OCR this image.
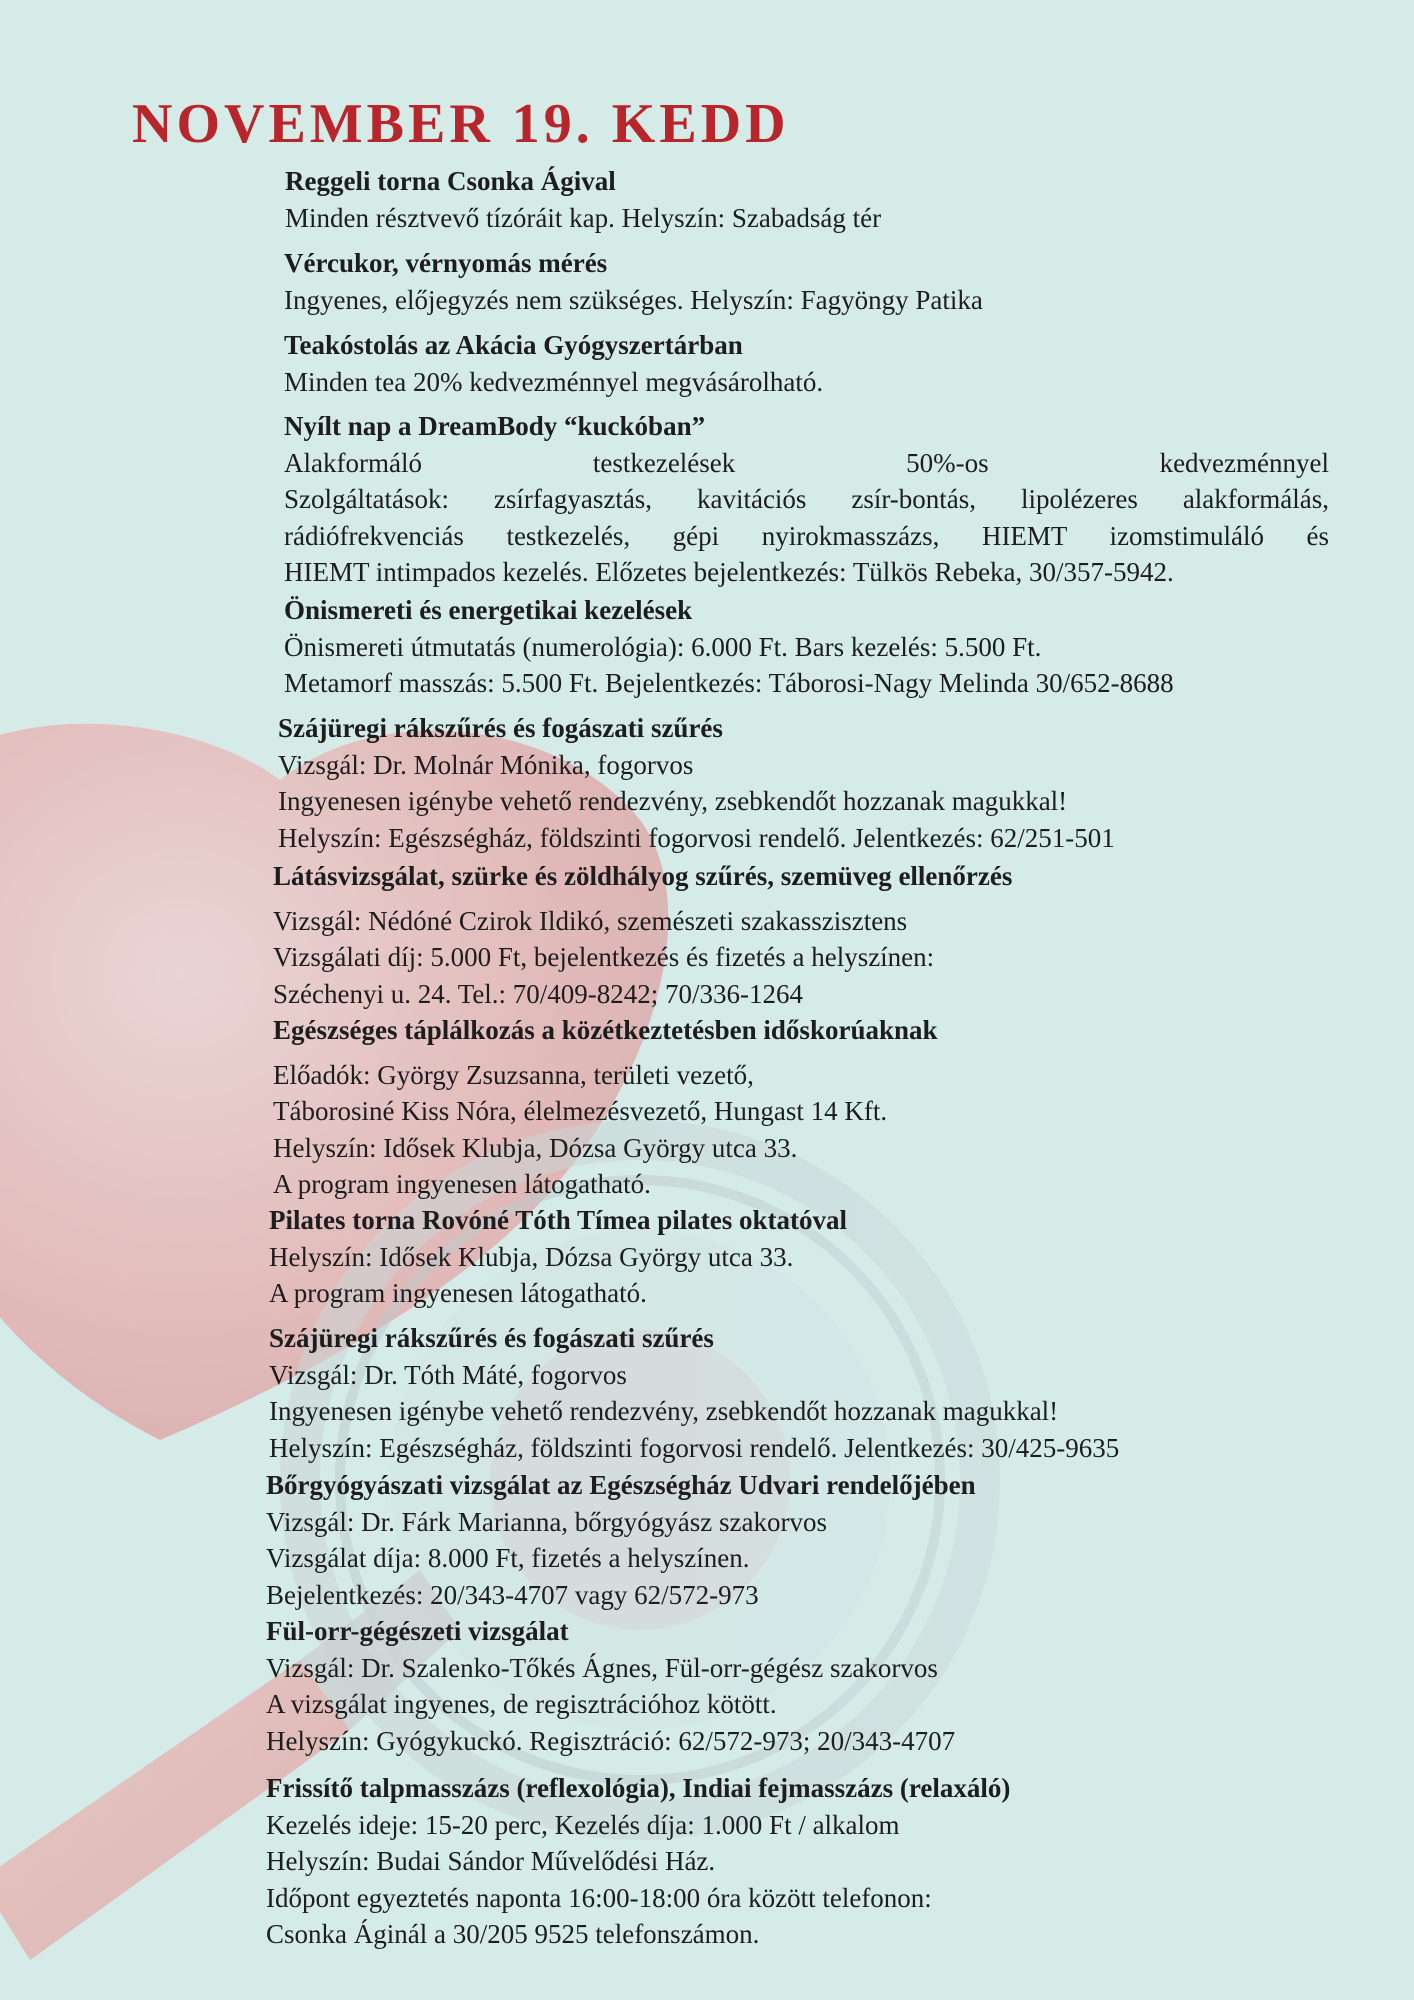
NOVEMBER 19. KEDD
Reggeli torna Csonka Ágival
Minden résztvevő tízóráit kap. Helyszín: Szabadság tér
Vércukor, vérnyomás mérés
Ingyenes, előjegyzés nem szükséges. Helyszín: Fagyöngy Patika
Teakóstolás az Akácia Gyógyszertárban
Minden tea 20% kedvezménnyel megvásárolható.
Nyílt nap a DreamBody “kuckóban”
Alakformáló testkezelések 50%-os kedvezménnyel
Szolgáltatások: zsírfagyasztás, kavitációs zsír-bontás, lipolézeres alakformálás,
rádiófrekvenciás testkezelés, gépi nyirokmasszázs, HIEMT izomstimuláló és
HIEMT intimpados kezelés. Előzetes bejelentkezés: Tülkös Rebeka, 30/357-5942.
Önismereti és energetikai kezelések
Önismereti útmutatás (numerológia): 6.000 Ft. Bars kezelés: 5.500 Ft.
Metamorf masszás: 5.500 Ft. Bejelentkezés: Táborosi-Nagy Melinda 30/652-8688
Szájüregi rákszűrés és fogászati szűrés
Vizsgál: Dr. Molnár Mónika, fogorvos
Ingyenesen igénybe vehető rendezvény, zsebkendőt hozzanak magukkal!
Helyszín: Egészségház, földszinti fogorvosi rendelő. Jelentkezés: 62/251-501
Látásvizsgálat, szürke és zöldhályog szűrés, szemüveg ellenőrzés
Vizsgál: Nédóné Czirok Ildikó, szemészeti szakasszisztens
Vizsgálati díj: 5.000 Ft, bejelentkezés és fizetés a helyszínen:
Széchenyi u. 24. Tel.: 70/409-8242; 70/336-1264
Egészséges táplálkozás a közétkeztetésben időskorúaknak
Előadók: György Zsuzsanna, területi vezető,
Táborosiné Kiss Nóra, élelmezésvezető, Hungast 14 Kft.
Helyszín: Idősek Klubja, Dózsa György utca 33.
A program ingyenesen látogatható.
Pilates torna Rovóné Tóth Tímea pilates oktatóval
Helyszín: Idősek Klubja, Dózsa György utca 33.
A program ingyenesen látogatható.
Szájüregi rákszűrés és fogászati szűrés
Vizsgál: Dr. Tóth Máté, fogorvos
Ingyenesen igénybe vehető rendezvény, zsebkendőt hozzanak magukkal!
Helyszín: Egészségház, földszinti fogorvosi rendelő. Jelentkezés: 30/425-9635
Bőrgyógyászati vizsgálat az Egészségház Udvari rendelőjében
Vizsgál: Dr. Fárk Marianna, bőrgyógyász szakorvos
Vizsgálat díja: 8.000 Ft, fizetés a helyszínen.
Bejelentkezés: 20/343-4707 vagy 62/572-973
Fül-orr-gégészeti vizsgálat
Vizsgál: Dr. Szalenko-Tőkés Ágnes, Fül-orr-gégész szakorvos
A vizsgálat ingyenes, de regisztrációhoz kötött.
Helyszín: Gyógykuckó. Regisztráció: 62/572-973; 20/343-4707
Frissítő talpmasszázs (reflexológia), Indiai fejmasszázs (relaxáló)
Kezelés ideje: 15-20 perc, Kezelés díja: 1.000 Ft / alkalom
Helyszín: Budai Sándor Művelődési Ház.
Időpont egyeztetés naponta 16:00-18:00 óra között telefonon:
Csonka Áginál a 30/205 9525 telefonszámon.
